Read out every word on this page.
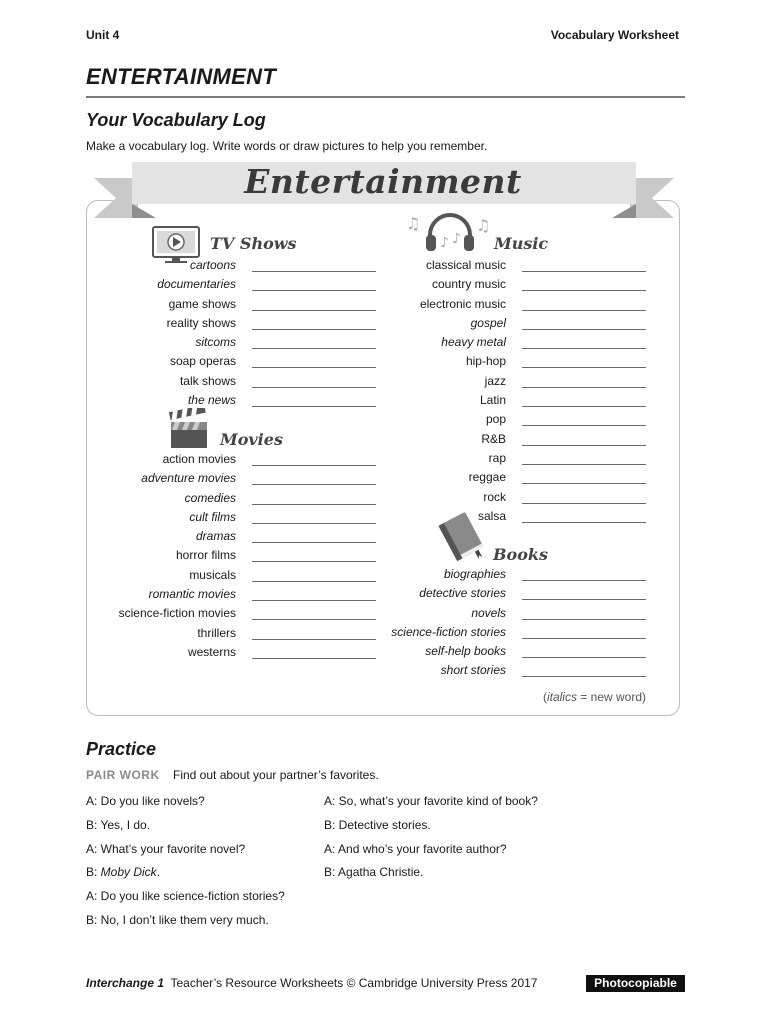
Unit 4	Vocabulary Worksheet
ENTERTAINMENT
Your Vocabulary Log
Make a vocabulary log. Write words or draw pictures to help you remember.
Entertainment
TV Shows
Movies
♫
♪ ♪
♫
Music
Books
cartoons
documentaries
game shows
reality shows
sitcoms
soap operas
talk shows
the news
action movies
adventure movies
comedies
cult films
dramas
horror films
musicals
romantic movies
science-fiction movies
thrillers
westerns
classical music
country music
electronic music
gospel
heavy metal
hip-hop
jazz
Latin
pop
R&B
rap
reggae
rock
salsa
biographies
detective stories
novels
science-fiction stories
self-help books
short stories
(italics = new word)
Practice
PAIR WORK Find out about your partner’s favorites.
A: Do you like novels?
B: Yes, I do.
A: What’s your favorite novel?
B: Moby Dick.
A: Do you like science-fiction stories?
B: No, I don’t like them very much.
A: So, what’s your favorite kind of book?
B: Detective stories.
A: And who’s your favorite author?
B: Agatha Christie.
Interchange 1  Teacher’s Resource Worksheets © Cambridge University Press 2017	Photocopiable
